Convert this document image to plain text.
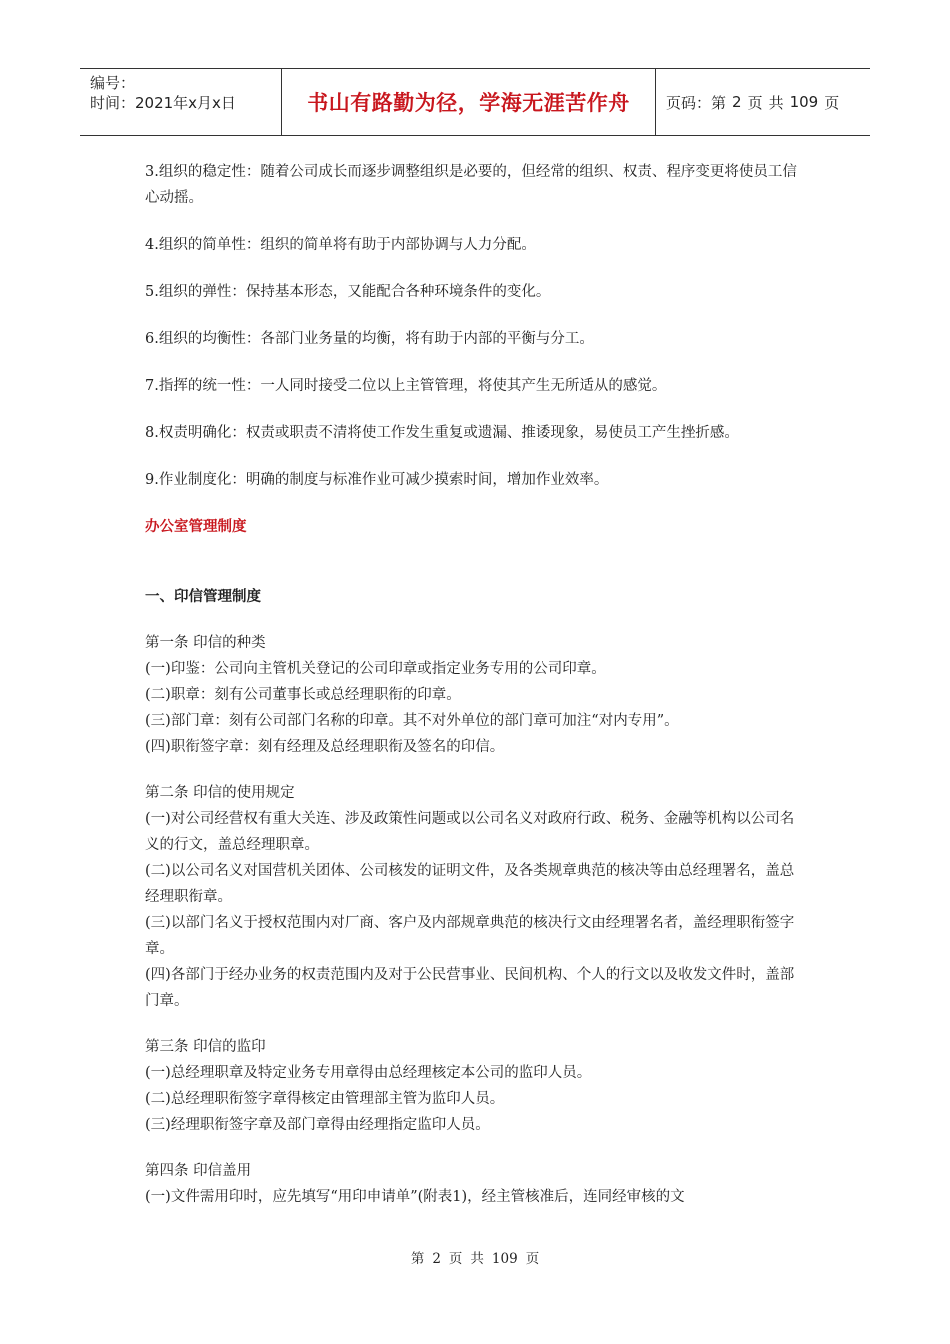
编号：
时间：2021年x月x日	书山有路勤为径，学海无涯苦作舟	页码：第 2 页 共 109 页

3.组织的稳定性：随着公司成长而逐步调整组织是必要的，但经常的组织、权责、程序变更将使员工信心动摇。

4.组织的简单性：组织的简单将有助于内部协调与人力分配。

5.组织的弹性：保持基本形态，又能配合各种环境条件的变化。

6.组织的均衡性：各部门业务量的均衡，将有助于内部的平衡与分工。

7.指挥的统一性：一人同时接受二位以上主管管理，将使其产生无所适从的感觉。

8.权责明确化：权责或职责不清将使工作发生重复或遗漏、推诿现象，易使员工产生挫折感。

9.作业制度化：明确的制度与标准作业可减少摸索时间，增加作业效率。

办公室管理制度

一、印信管理制度

第一条 印信的种类

(一)印鉴：公司向主管机关登记的公司印章或指定业务专用的公司印章。

(二)职章：刻有公司董事长或总经理职衔的印章。

(三)部门章：刻有公司部门名称的印章。其不对外单位的部门章可加注“对内专用”。

(四)职衔签字章：刻有经理及总经理职衔及签名的印信。

第二条 印信的使用规定

(一)对公司经营权有重大关连、涉及政策性问题或以公司名义对政府行政、税务、金融等机构以公司名义的行文，盖总经理职章。

(二)以公司名义对国营机关团体、公司核发的证明文件，及各类规章典范的核决等由总经理署名，盖总经理职衔章。

(三)以部门名义于授权范围内对厂商、客户及内部规章典范的核决行文由经理署名者，盖经理职衔签字章。

(四)各部门于经办业务的权责范围内及对于公民营事业、民间机构、个人的行文以及收发文件时，盖部门章。

第三条 印信的监印

(一)总经理职章及特定业务专用章得由总经理核定本公司的监印人员。

(二)总经理职衔签字章得核定由管理部主管为监印人员。

(三)经理职衔签字章及部门章得由经理指定监印人员。

第四条 印信盖用

(一)文件需用印时，应先填写“用印申请单”(附表1)，经主管核准后，连同经审核的文

第 2 页 共 109 页
